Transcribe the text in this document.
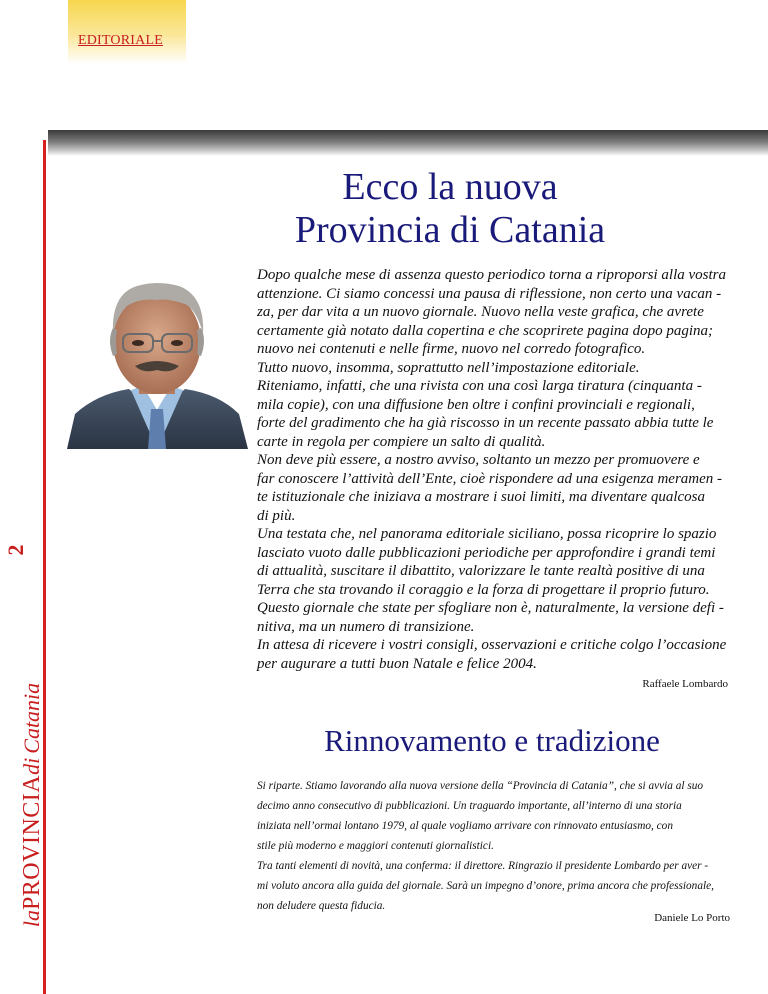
EDITORIALE
2
laPROVINCIAdi Catania
Ecco la nuova
Provincia di Catania

Dopo qualche mese di assenza questo periodico torna a riproporsi alla vostra

attenzione. Ci siamo concessi una pausa di riflessione, non certo una vacan -

za, per dar vita a un nuovo giornale. Nuovo nella veste grafica, che avrete

certamente già notato dalla copertina e che scoprirete pagina dopo pagina;

nuovo nei contenuti e nelle firme, nuovo nel corredo fotografico.

Tutto nuovo, insomma, soprattutto nell’impostazione editoriale.

Riteniamo, infatti, che una rivista con una così larga tiratura (cinquanta -

mila copie), con una diffusione ben oltre i confini provinciali e regionali,

forte del gradimento che ha già riscosso in un recente passato abbia tutte le

carte in regola per compiere un salto di qualità.

Non deve più essere, a nostro avviso, soltanto un mezzo per promuovere e

far conoscere l’attività dell’Ente, cioè rispondere ad una esigenza meramen -

te istituzionale che iniziava a mostrare i suoi limiti, ma diventare qualcosa

di più.

Una testata che, nel panorama editoriale siciliano, possa ricoprire lo spazio

lasciato vuoto dalle pubblicazioni periodiche per approfondire i grandi temi

di attualità, suscitare il dibattito, valorizzare le tante realtà positive di una

Terra che sta trovando il coraggio e la forza di progettare il proprio futuro.

Questo giornale che state per sfogliare non è, naturalmente, la versione defi -

nitiva, ma un numero di transizione.

In attesa di ricevere i vostri consigli, osservazioni e critiche colgo l’occasione

per augurare a tutti buon Natale e felice 2004.

Raffaele Lombardo
Rinnovamento e tradizione

Si riparte. Stiamo lavorando alla nuova versione della “Provincia di Catania”, che si avvia al suo

decimo anno consecutivo di pubblicazioni. Un traguardo importante, all’interno di una storia

iniziata nell’ormai lontano 1979, al quale vogliamo arrivare con rinnovato entusiasmo, con

stile più moderno e maggiori contenuti giornalistici.

Tra tanti elementi di novità, una conferma: il direttore. Ringrazio il presidente Lombardo per aver -

mi voluto ancora alla guida del giornale. Sarà un impegno d’onore, prima ancora che professionale,

non deludere questa fiducia.

Daniele Lo Porto
